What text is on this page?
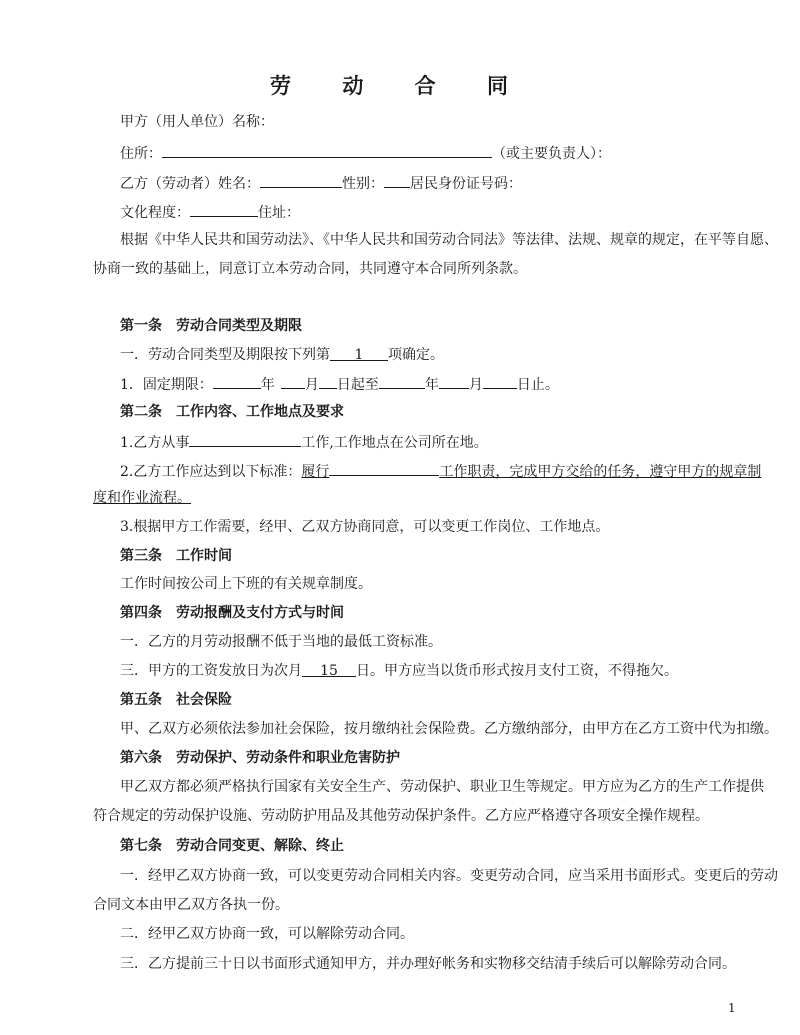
劳 动 合 同
甲方（用人单位）名称：
住所：	（或主要负责人）：
乙方（劳动者）姓名：	性别： 居民身份证号码：
文化程度：	住址：
根据《中华人民共和国劳动法》、《中华人民共和国劳动合同法》等法律、法规、规章的规定，在平等自愿、
协商一致的基础上，同意订立本劳动合同，共同遵守本合同所列条款。
第一条　劳动合同类型及期限
一．劳动合同类型及期限按下列第 1 项确定。
1．固定期限：	年 月 日起至	年 月 日止。
第二条　工作内容、工作地点及要求
1.乙方从事	工作,工作地点在公司所在地。
2.乙方工作应达到以下标准：履行	工作职责，完成甲方交给的任务，遵守甲方的规章制
度和作业流程。
3.根据甲方工作需要，经甲、乙双方协商同意，可以变更工作岗位、工作地点。
第三条　工作时间
工作时间按公司上下班的有关规章制度。
第四条　劳动报酬及支付方式与时间
一．乙方的月劳动报酬不低于当地的最低工资标准。
三．甲方的工资发放日为次月 15 日。甲方应当以货币形式按月支付工资，不得拖欠。
第五条　社会保险
甲、乙双方必须依法参加社会保险，按月缴纳社会保险费。乙方缴纳部分，由甲方在乙方工资中代为扣缴。
第六条　劳动保护、劳动条件和职业危害防护
甲乙双方都必须严格执行国家有关安全生产、劳动保护、职业卫生等规定。甲方应为乙方的生产工作提供
符合规定的劳动保护设施、劳动防护用品及其他劳动保护条件。乙方应严格遵守各项安全操作规程。
第七条　劳动合同变更、解除、终止
一．经甲乙双方协商一致，可以变更劳动合同相关内容。变更劳动合同，应当采用书面形式。变更后的劳动
合同文本由甲乙双方各执一份。
二．经甲乙双方协商一致，可以解除劳动合同。
三．乙方提前三十日以书面形式通知甲方，并办理好帐务和实物移交结清手续后可以解除劳动合同。
1
